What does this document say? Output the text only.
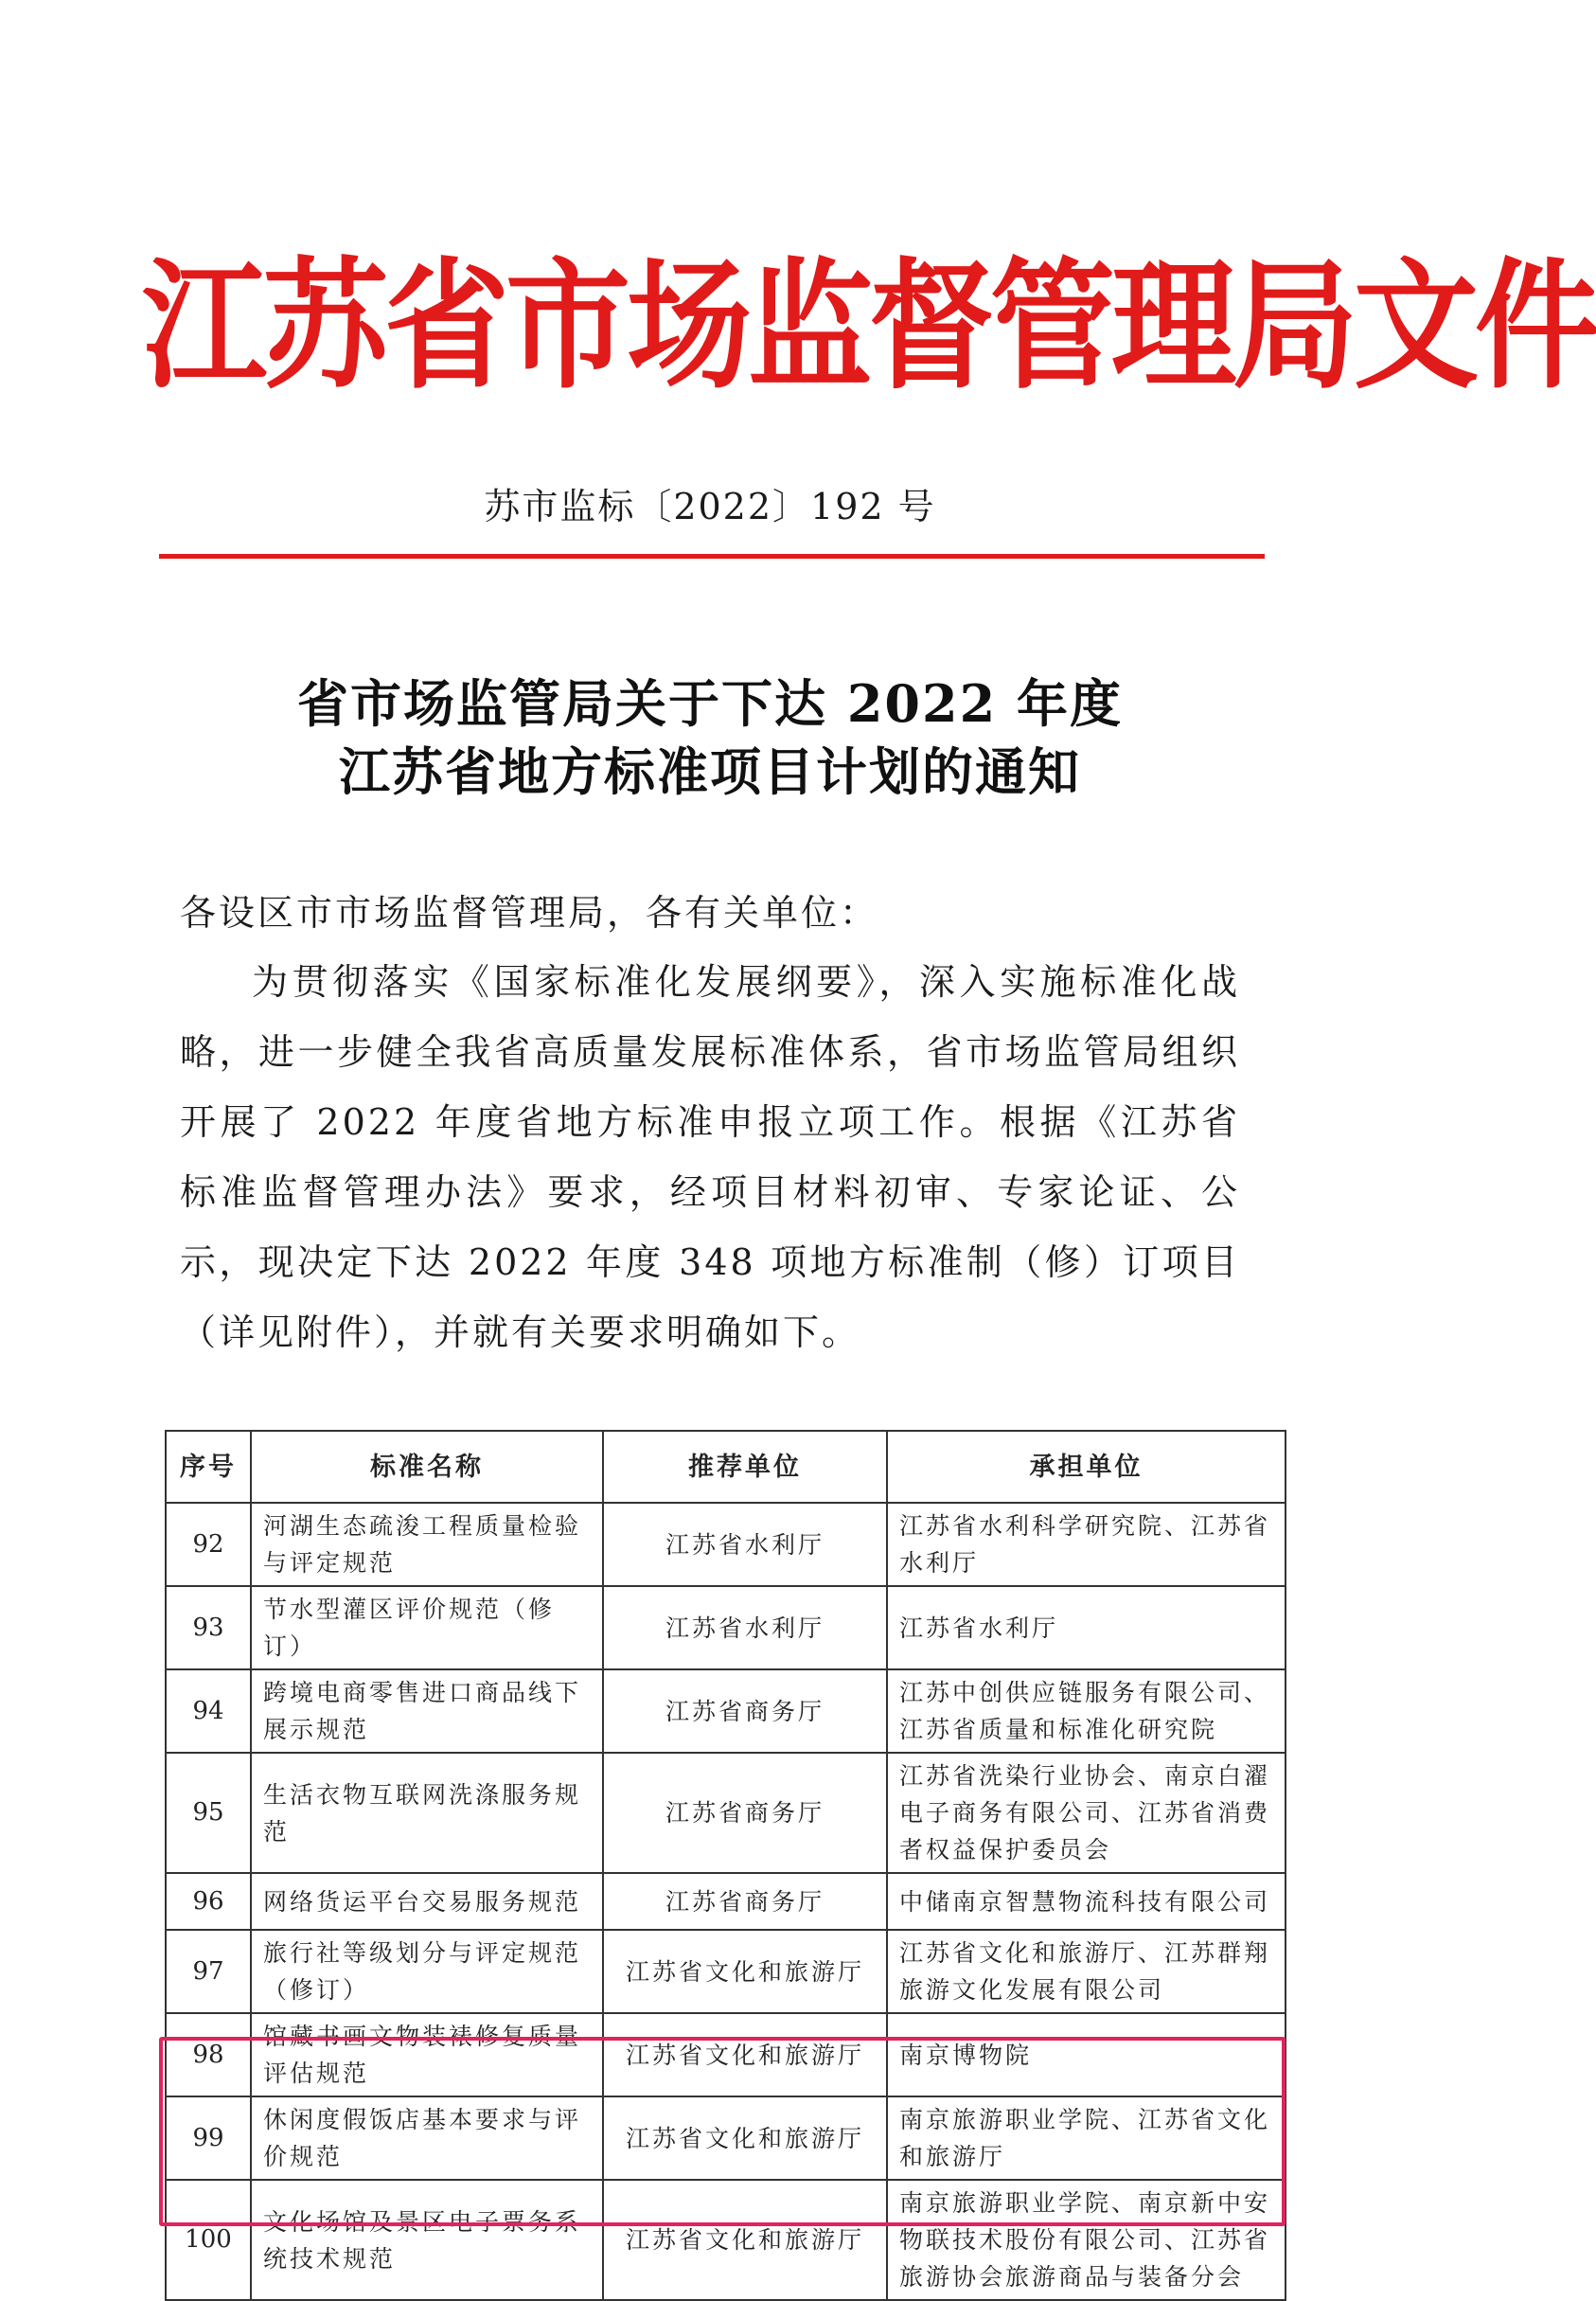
江苏省市场监督管理局文件
苏市监标〔2022〕192 号
省市场监管局关于下达 2022 年度
江苏省地方标准项目计划的通知
各设区市市场监督管理局，各有关单位：
为贯彻落实《国家标准化发展纲要》，深入实施标准化战略，进一步健全我省高质量发展标准体系，省市场监管局组织开展了 2022 年度省地方标准申报立项工作。根据《江苏省标准监督管理办法》要求，经项目材料初审、专家论证、公示，现决定下达 2022 年度 348 项地方标准制（修）订项目（详见附件），并就有关要求明确如下。
序号	标准名称	推荐单位	承担单位
92	河湖生态疏浚工程质量检验与评定规范	江苏省水利厅	江苏省水利科学研究院、江苏省水利厅
93	节水型灌区评价规范（修订）	江苏省水利厅	江苏省水利厅
94	跨境电商零售进口商品线下展示规范	江苏省商务厅	江苏中创供应链服务有限公司、江苏省质量和标准化研究院
95	生活衣物互联网洗涤服务规范	江苏省商务厅	江苏省洗染行业协会、南京白濯电子商务有限公司、江苏省消费者权益保护委员会
96	网络货运平台交易服务规范	江苏省商务厅	中储南京智慧物流科技有限公司
97	旅行社等级划分与评定规范（修订）	江苏省文化和旅游厅	江苏省文化和旅游厅、江苏群翔旅游文化发展有限公司
98	馆藏书画文物装裱修复质量评估规范	江苏省文化和旅游厅	南京博物院
99	休闲度假饭店基本要求与评价规范	江苏省文化和旅游厅	南京旅游职业学院、江苏省文化和旅游厅
100	文化场馆及景区电子票务系统技术规范	江苏省文化和旅游厅	南京旅游职业学院、南京新中安物联技术股份有限公司、江苏省旅游协会旅游商品与装备分会
